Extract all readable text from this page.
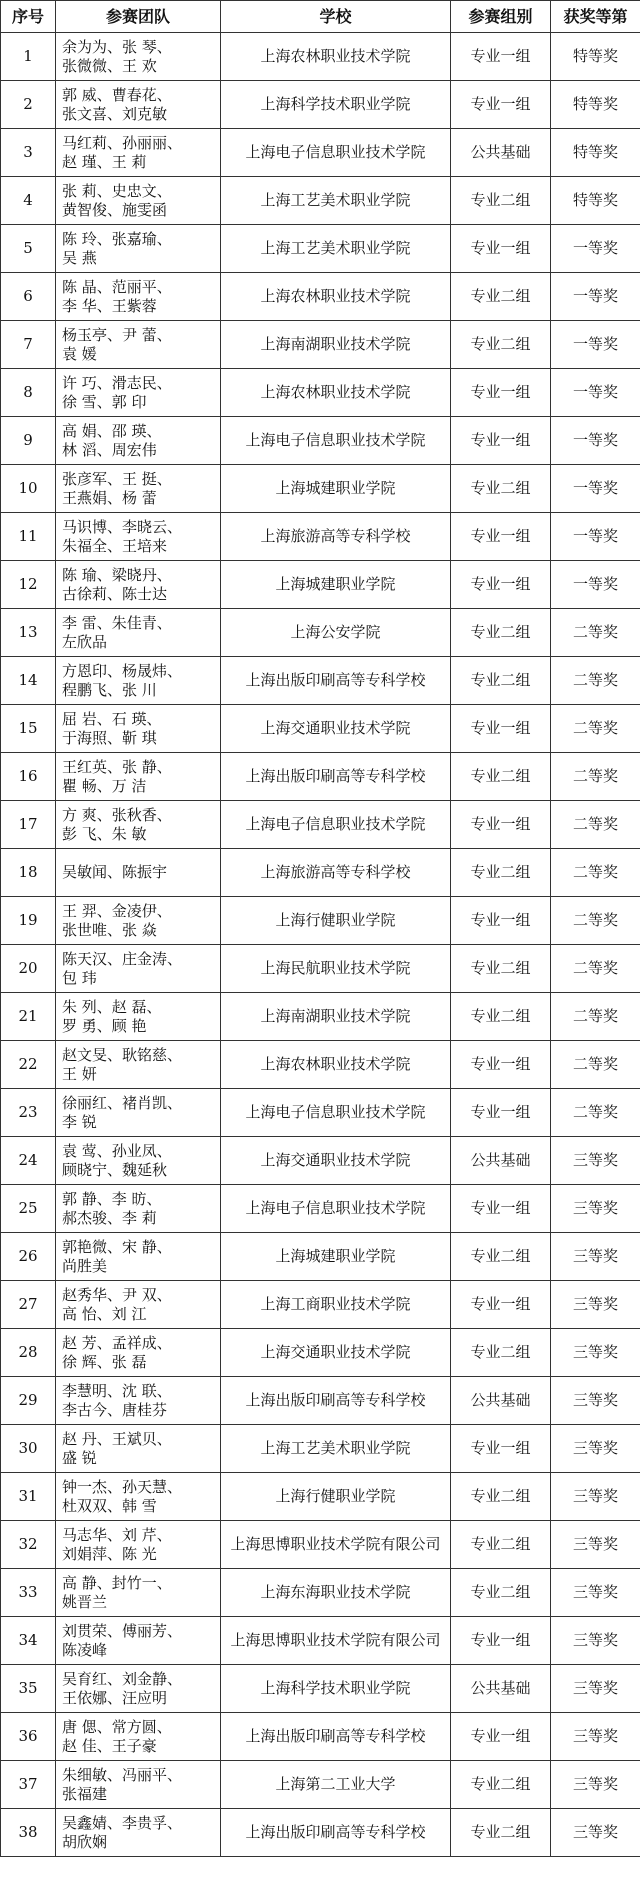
序号	参赛团队	学校	参赛组别	获奖等第
1	余为为、张 琴、
张微微、王 欢	上海农林职业技术学院	专业一组	特等奖
2	郭 威、曹春花、
张文喜、刘克敏	上海科学技术职业学院	专业一组	特等奖
3	马红莉、孙丽丽、
赵 瑾、王 莉	上海电子信息职业技术学院	公共基础	特等奖
4	张 莉、史忠文、
黄智俊、施雯函	上海工艺美术职业学院	专业二组	特等奖
5	陈 玲、张嘉瑜、
吴 燕	上海工艺美术职业学院	专业一组	一等奖
6	陈 晶、范丽平、
李 华、王紫蓉	上海农林职业技术学院	专业二组	一等奖
7	杨玉亭、尹 蕾、
袁 媛	上海南湖职业技术学院	专业二组	一等奖
8	许 巧、滑志民、
徐 雪、郭 印	上海农林职业技术学院	专业一组	一等奖
9	高 娟、邵 瑛、
林 滔、周宏伟	上海电子信息职业技术学院	专业一组	一等奖
10	张彦军、王 挺、
王燕娟、杨 蕾	上海城建职业学院	专业二组	一等奖
11	马识博、李晓云、
朱福全、王培来	上海旅游高等专科学校	专业一组	一等奖
12	陈 瑜、梁晓丹、
古徐莉、陈士达	上海城建职业学院	专业一组	一等奖
13	李 雷、朱佳青、
左欣品	上海公安学院	专业二组	二等奖
14	方恩印、杨晟炜、
程鹏飞、张 川	上海出版印刷高等专科学校	专业二组	二等奖
15	屈 岩、石 瑛、
于海照、靳 琪	上海交通职业技术学院	专业一组	二等奖
16	王红英、张 静、
瞿 畅、万 洁	上海出版印刷高等专科学校	专业二组	二等奖
17	方 爽、张秋香、
彭 飞、朱 敏	上海电子信息职业技术学院	专业一组	二等奖
18	吴敏闻、陈振宇	上海旅游高等专科学校	专业二组	二等奖
19	王 羿、金凌伊、
张世唯、张 焱	上海行健职业学院	专业一组	二等奖
20	陈天汉、庄金涛、
包 玮	上海民航职业技术学院	专业二组	二等奖
21	朱 列、赵 磊、
罗 勇、顾 艳	上海南湖职业技术学院	专业二组	二等奖
22	赵文旻、耿铭慈、
王 妍	上海农林职业技术学院	专业一组	二等奖
23	徐丽红、褚肖凯、
李 锐	上海电子信息职业技术学院	专业一组	二等奖
24	袁 莺、孙业凤、
顾晓宁、魏延秋	上海交通职业技术学院	公共基础	三等奖
25	郭 静、李 昉、
郝杰骏、李 莉	上海电子信息职业技术学院	专业一组	三等奖
26	郭艳微、宋 静、
尚胜美	上海城建职业学院	专业二组	三等奖
27	赵秀华、尹 双、
高 怡、刘 江	上海工商职业技术学院	专业一组	三等奖
28	赵 芳、孟祥成、
徐 辉、张 磊	上海交通职业技术学院	专业二组	三等奖
29	李慧明、沈 联、
李古今、唐桂芬	上海出版印刷高等专科学校	公共基础	三等奖
30	赵 丹、王斌贝、
盛 锐	上海工艺美术职业学院	专业一组	三等奖
31	钟一杰、孙天慧、
杜双双、韩 雪	上海行健职业学院	专业二组	三等奖
32	马志华、刘 芹、
刘娟萍、陈 光	上海思博职业技术学院有限公司	专业二组	三等奖
33	高 静、封竹一、
姚晋兰	上海东海职业技术学院	专业二组	三等奖
34	刘贯荣、傅丽芳、
陈凌峰	上海思博职业技术学院有限公司	专业一组	三等奖
35	吴育红、刘金静、
王依娜、汪应明	上海科学技术职业学院	公共基础	三等奖
36	唐 偲、常方圆、
赵 佳、王子豪	上海出版印刷高等专科学校	专业一组	三等奖
37	朱细敏、冯丽平、
张福建	上海第二工业大学	专业二组	三等奖
38	吴鑫婧、李贵孚、
胡欣娴	上海出版印刷高等专科学校	专业二组	三等奖
